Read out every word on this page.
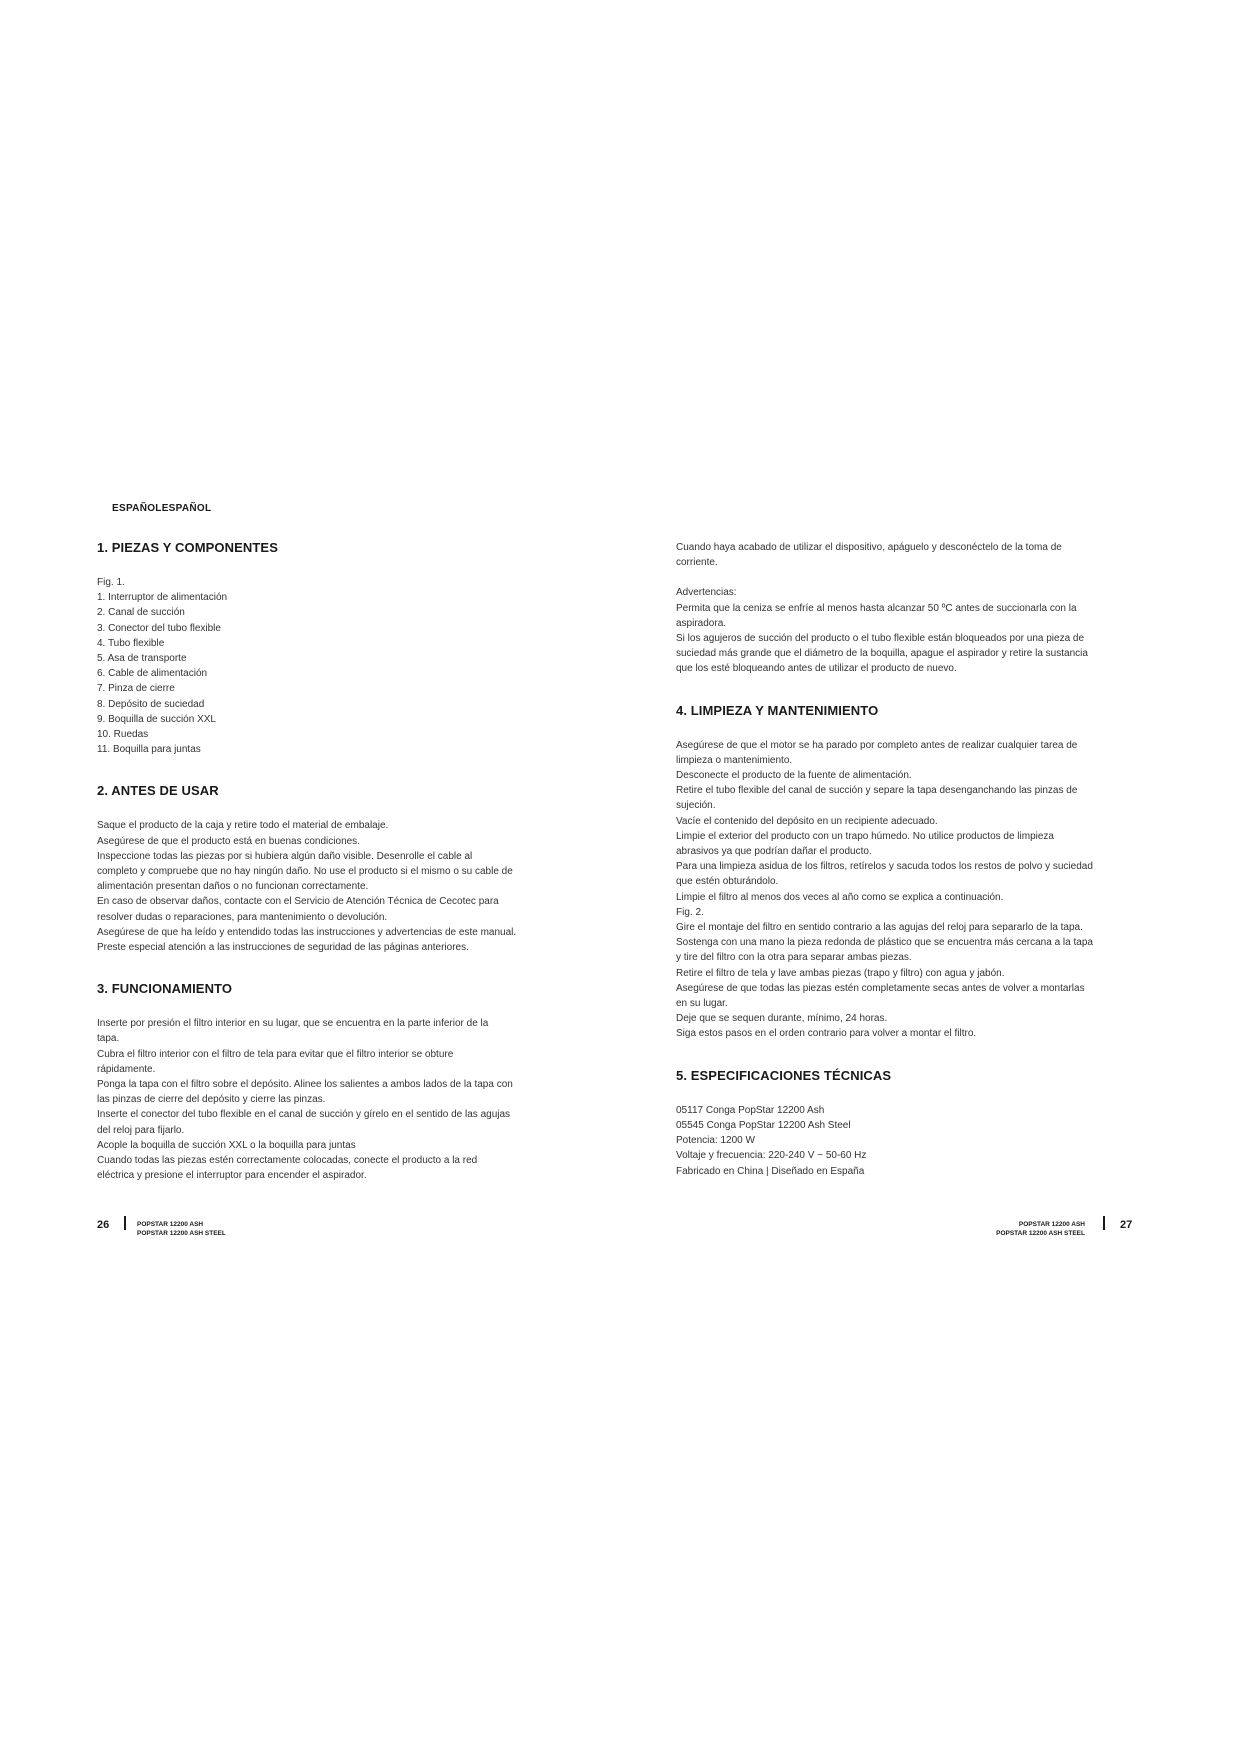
ESPAÑOLESPAÑOL
1. PIEZAS Y COMPONENTES

Fig. 1.

1. Interruptor de alimentación
2. Canal de succión
3. Conector del tubo flexible
4. Tubo flexible
5. Asa de transporte
6. Cable de alimentación
7. Pinza de cierre
8. Depósito de suciedad
9. Boquilla de succión XXL
10. Ruedas
11. Boquilla para juntas
2. ANTES DE USAR

Saque el producto de la caja y retire todo el material de embalaje.

Asegúrese de que el producto está en buenas condiciones.

Inspeccione todas las piezas por si hubiera algún daño visible. Desenrolle el cable al

completo y compruebe que no hay ningún daño. No use el producto si el mismo o su cable de

alimentación presentan daños o no funcionan correctamente.

En caso de observar daños, contacte con el Servicio de Atención Técnica de Cecotec para

resolver dudas o reparaciones, para mantenimiento o devolución.

Asegúrese de que ha leído y entendido todas las instrucciones y advertencias de este manual.

Preste especial atención a las instrucciones de seguridad de las páginas anteriores.

3. FUNCIONAMIENTO

Inserte por presión el filtro interior en su lugar, que se encuentra en la parte inferior de la

tapa.

Cubra el filtro interior con el filtro de tela para evitar que el filtro interior se obture

rápidamente.

Ponga la tapa con el filtro sobre el depósito. Alinee los salientes a ambos lados de la tapa con

las pinzas de cierre del depósito y cierre las pinzas.

Inserte el conector del tubo flexible en el canal de succión y gírelo en el sentido de las agujas

del reloj para fijarlo.

Acople la boquilla de succión XXL o la boquilla para juntas

Cuando todas las piezas estén correctamente colocadas, conecte el producto a la red

eléctrica y presione el interruptor para encender el aspirador.

Cuando haya acabado de utilizar el dispositivo, apáguelo y desconéctelo de la toma de

corriente.

Advertencias:

Permita que la ceniza se enfríe al menos hasta alcanzar 50 ºC antes de succionarla con la

aspiradora.

Si los agujeros de succión del producto o el tubo flexible están bloqueados por una pieza de

suciedad más grande que el diámetro de la boquilla, apague el aspirador y retire la sustancia

que los esté bloqueando antes de utilizar el producto de nuevo.

4. LIMPIEZA Y MANTENIMIENTO

Asegúrese de que el motor se ha parado por completo antes de realizar cualquier tarea de

limpieza o mantenimiento.

Desconecte el producto de la fuente de alimentación.

Retire el tubo flexible del canal de succión y separe la tapa desenganchando las pinzas de

sujeción.

Vacíe el contenido del depósito en un recipiente adecuado.

Limpie el exterior del producto con un trapo húmedo. No utilice productos de limpieza

abrasivos ya que podrían dañar el producto.

Para una limpieza asidua de los filtros, retírelos y sacuda todos los restos de polvo y suciedad

que estén obturándolo.

Limpie el filtro al menos dos veces al año como se explica a continuación.

Fig. 2.

Gire el montaje del filtro en sentido contrario a las agujas del reloj para separarlo de la tapa.

Sostenga con una mano la pieza redonda de plástico que se encuentra más cercana a la tapa

y tire del filtro con la otra para separar ambas piezas.

Retire el filtro de tela y lave ambas piezas (trapo y filtro) con agua y jabón.

Asegúrese de que todas las piezas estén completamente secas antes de volver a montarlas

en su lugar.

Deje que se sequen durante, mínimo, 24 horas.

Siga estos pasos en el orden contrario para volver a montar el filtro.

5. ESPECIFICACIONES TÉCNICAS

05117 Conga PopStar 12200 Ash

05545 Conga PopStar 12200 Ash Steel

Potencia: 1200 W

Voltaje y frecuencia: 220-240 V ~ 50-60 Hz

Fabricado en China | Diseñado en España

26	POPSTAR 12200 ASH
POPSTAR 12200 ASH STEEL
POPSTAR 12200 ASH
POPSTAR 12200 ASH STEEL
27
